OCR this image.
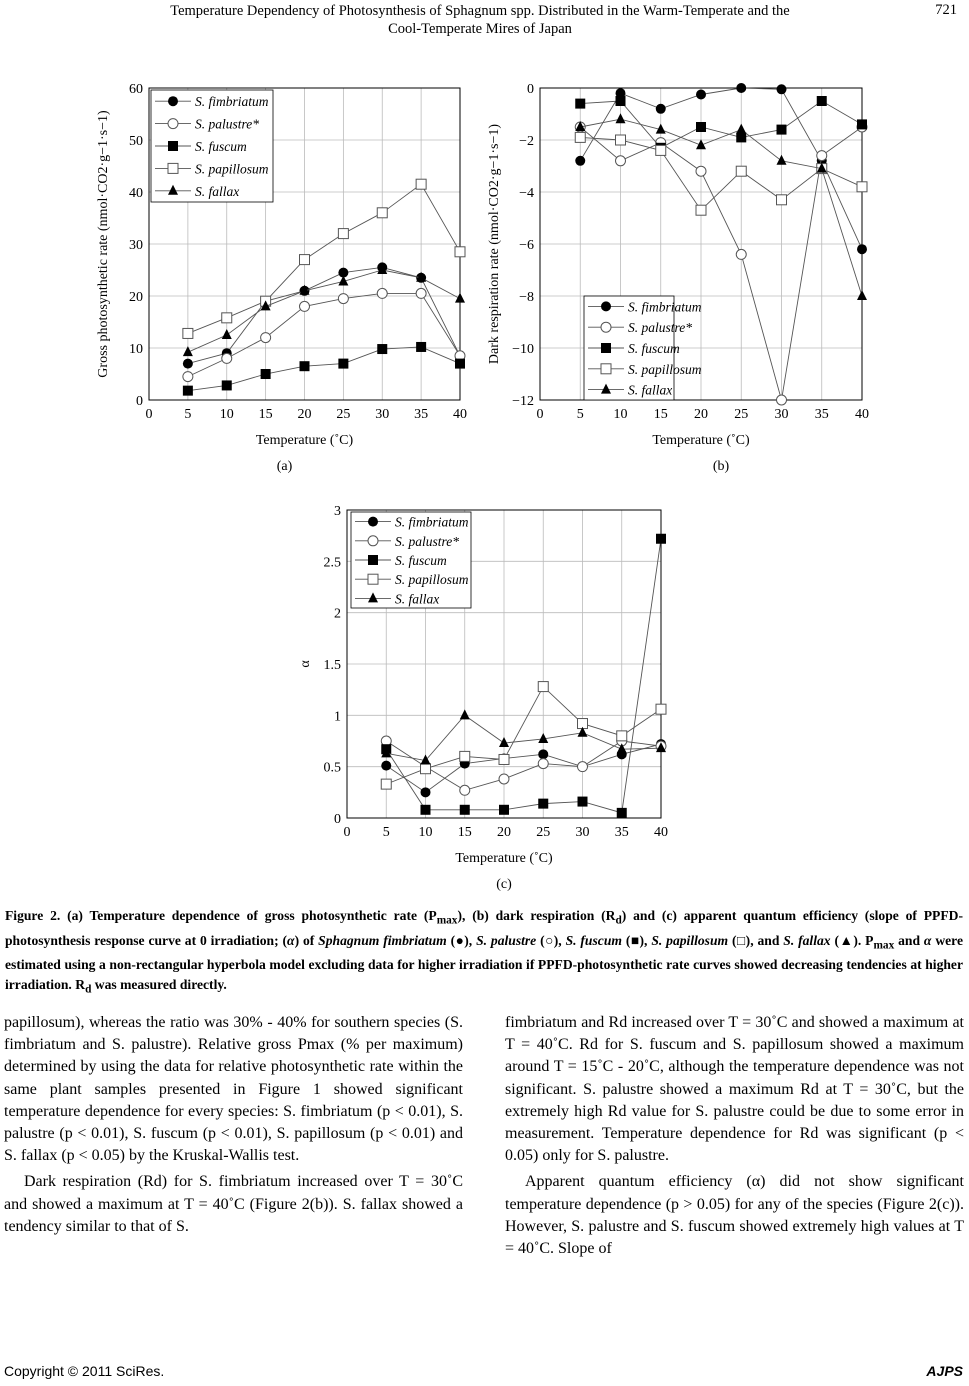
Temperature Dependency of Photosynthesis of Sphagnum spp. Distributed in the Warm-Temperate and the
Cool-Temperate Mires of Japan
721
0 5 10 15 20 25 30 35 40
0
10
20
30
40
50
60
Temperature (˚C)
Gross photosynthetic rate (nmol·CO2·g−1·s−1)
(a)
S. fimbriatum
S. palustre*
S. fuscum
S. papillosum
S. fallax
0 5 10 15 20 25 30 35 40
0
−2
−4
−6
−8
−10
−12
Temperature (˚C)
Dark respiration rate (nmol·CO2·g−1·s−1)
(b)
S. fimbriatum
S. palustre*
S. fuscum
S. papillosum
S. fallax
0 5 10 15 20 25 30 35 40
0
0.5
1
1.5
2
2.5
3
Temperature (˚C)
α
(c)
S. fimbriatum
S. palustre*
S. fuscum
S. papillosum
S. fallax
Figure 2. (a) Temperature dependence of gross photosynthetic rate $(P_{max})$, (b) dark respiration $(R_d)$ and (c) apparent quantum efficiency (slope of PPFD-photosynthesis response curve at 0 irradiation; (α) of Sphagnum fimbriatum (●), S. palustre (○), S. fuscum (■), S. papillosum (□), and S. fallax (▲). $P_{max}$ and α were estimated using a non-rectangular hyperbola model excluding data for higher irradiation if PPFD-photosynthetic rate curves showed decreasing tendencies at higher irradiation. $R_d$ was measured directly.

papillosum), whereas the ratio was 30% - 40% for southern species (S. fimbriatum and S. palustre). Relative gross Pmax (% per maximum) determined by using the data for relative photosynthetic rate within the same plant samples presented in Figure 1 showed significant temperature dependence for every species: S. fimbriatum (p < 0.01), S. palustre (p < 0.01), S. fuscum (p < 0.01), S. papillosum (p < 0.01) and S. fallax (p < 0.05) by the Kruskal-Wallis test.

Dark respiration (Rd) for S. fimbriatum increased over T = 30˚C and showed a maximum at T = 40˚C (Figure 2(b)). S. fallax showed a tendency similar to that of S.

fimbriatum and Rd increased over T = 30˚C and showed a maximum at T = 40˚C. Rd for S. fuscum and S. papillosum showed a maximum around T = 15˚C - 20˚C, although the temperature dependence was not significant. S. palustre showed a maximum Rd at T = 30˚C, but the extremely high Rd value for S. palustre could be due to some error in measurement. Temperature dependence for Rd was significant (p < 0.05) only for S. palustre.

Apparent quantum efficiency (α) did not show significant temperature dependence (p > 0.05) for any of the species (Figure 2(c)). However, S. palustre and S. fuscum showed extremely high values at T = 40˚C. Slope of

Copyright © 2011 SciRes.	AJPS
